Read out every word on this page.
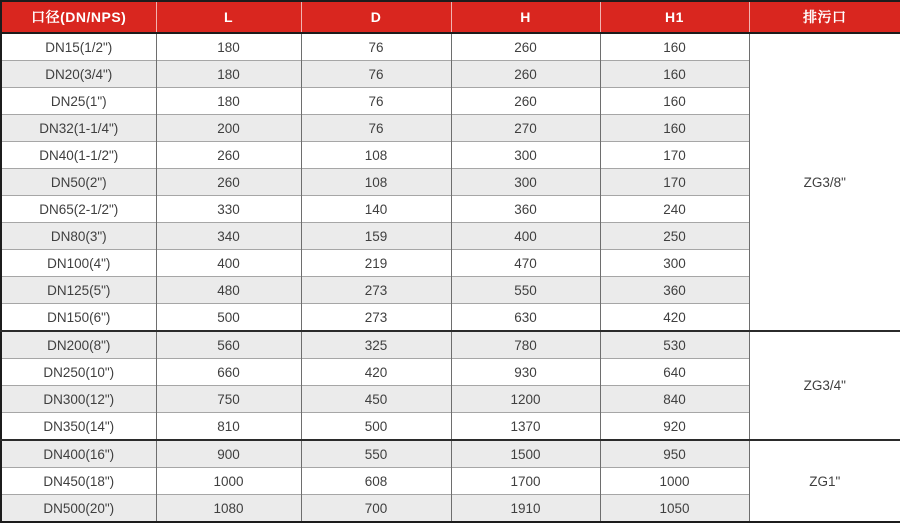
口径(DN/NPS)	L	D	H	H1	排污口
DN15(1/2")	180	76	260	160	ZG3/8"
DN20(3/4")	180	76	260	160	
DN25(1")	180	76	260	160	
DN32(1-1/4")	200	76	270	160	
DN40(1-1/2")	260	108	300	170	
DN50(2")	260	108	300	170	
DN65(2-1/2")	330	140	360	240	
DN80(3")	340	159	400	250	
DN100(4")	400	219	470	300	
DN125(5")	480	273	550	360	
DN150(6")	500	273	630	420	
DN200(8")	560	325	780	530	ZG3/4"
DN250(10")	660	420	930	640	
DN300(12")	750	450	1200	840	
DN350(14")	810	500	1370	920	
DN400(16")	900	550	1500	950	ZG1"
DN450(18")	1000	608	1700	1000	
DN500(20")	1080	700	1910	1050	
